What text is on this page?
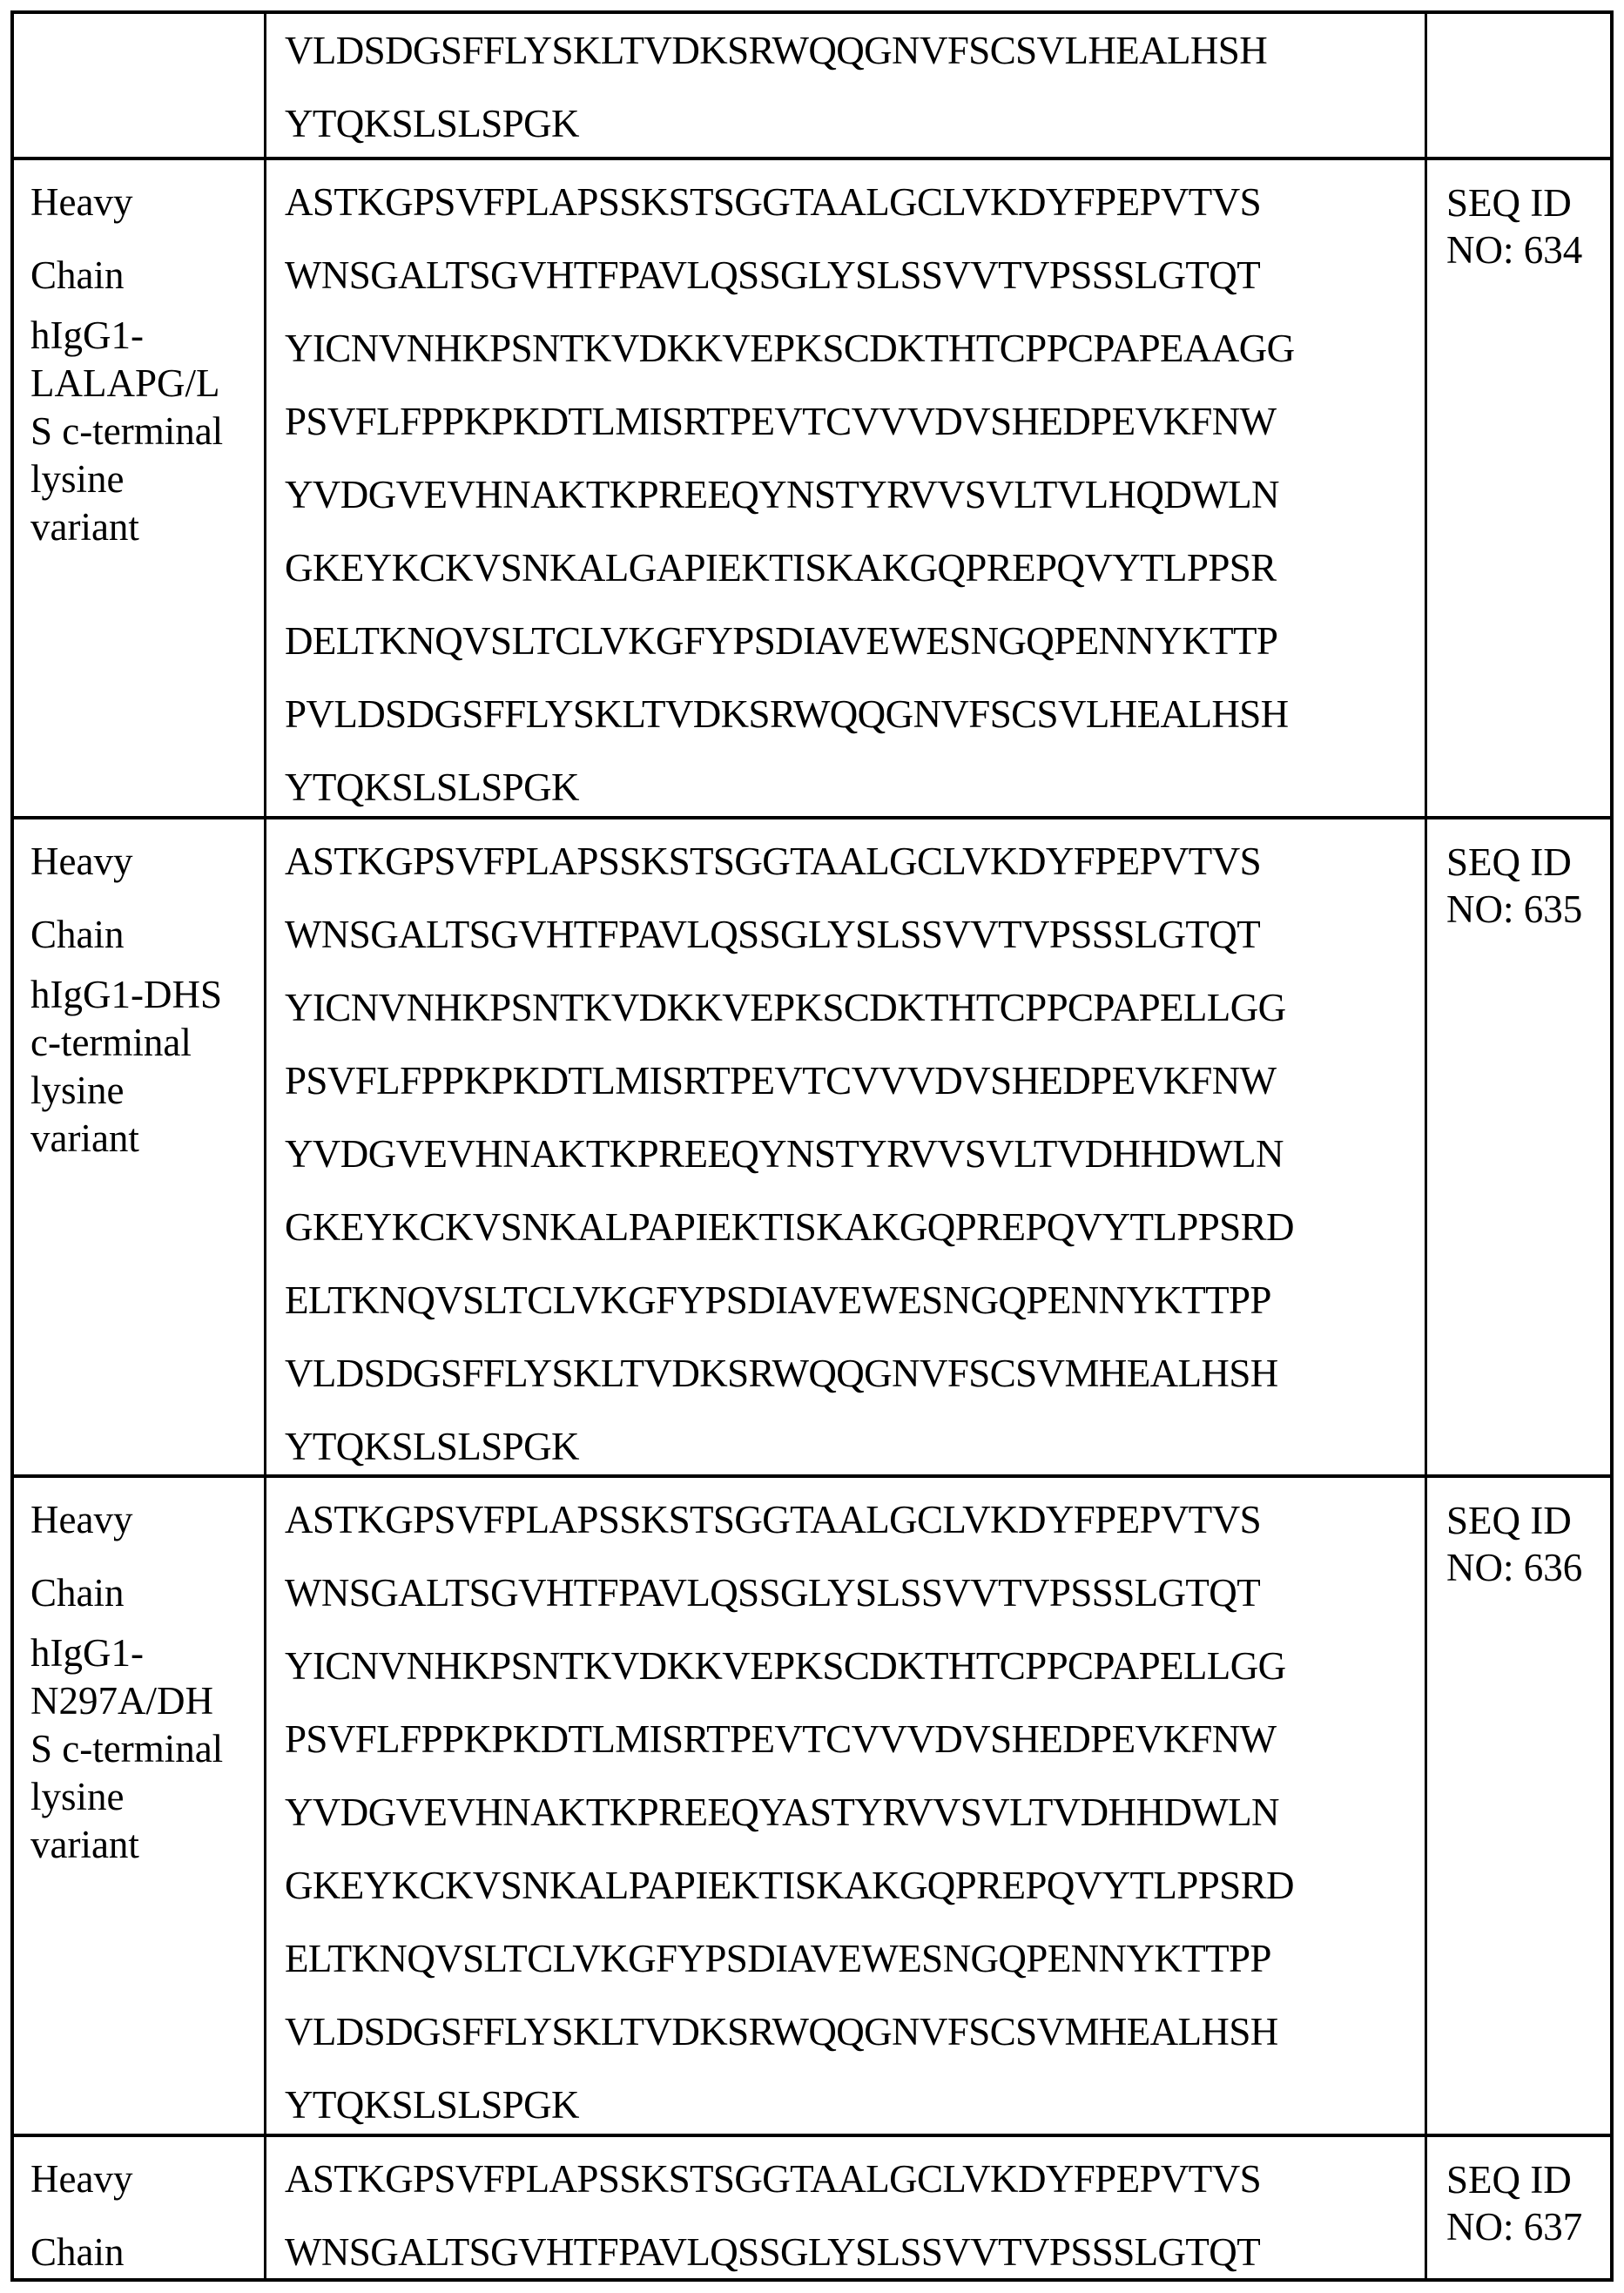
VLDSDGSFFLYSKLTVDKSRWQQGNVFSCSVLHEALHSH
YTQKSLSLSPGK
Heavy
Chain
hIgG1-
LALAPG/L
S c-terminal
lysine
variant
ASTKGPSVFPLAPSSKSTSGGTAALGCLVKDYFPEPVTVS
WNSGALTSGVHTFPAVLQSSGLYSLSSVVTVPSSSLGTQT
YICNVNHKPSNTKVDKKVEPKSCDKTHTCPPCPAPEAAGG
PSVFLFPPKPKDTLMISRTPEVTCVVVDVSHEDPEVKFNW
YVDGVEVHNAKTKPREEQYNSTYRVVSVLTVLHQDWLN
GKEYKCKVSNKALGAPIEKTISKAKGQPREPQVYTLPPSR
DELTKNQVSLTCLVKGFYPSDIAVEWESNGQPENNYKTTP
PVLDSDGSFFLYSKLTVDKSRWQQGNVFSCSVLHEALHSH
YTQKSLSLSPGK
SEQ ID
NO: 634
Heavy
Chain
hIgG1-DHS
c-terminal
lysine
variant
ASTKGPSVFPLAPSSKSTSGGTAALGCLVKDYFPEPVTVS
WNSGALTSGVHTFPAVLQSSGLYSLSSVVTVPSSSLGTQT
YICNVNHKPSNTKVDKKVEPKSCDKTHTCPPCPAPELLGG
PSVFLFPPKPKDTLMISRTPEVTCVVVDVSHEDPEVKFNW
YVDGVEVHNAKTKPREEQYNSTYRVVSVLTVDHHDWLN
GKEYKCKVSNKALPAPIEKTISKAKGQPREPQVYTLPPSRD
ELTKNQVSLTCLVKGFYPSDIAVEWESNGQPENNYKTTPP
VLDSDGSFFLYSKLTVDKSRWQQGNVFSCSVMHEALHSH
YTQKSLSLSPGK
SEQ ID
NO: 635
Heavy
Chain
hIgG1-
N297A/DH
S c-terminal
lysine
variant
ASTKGPSVFPLAPSSKSTSGGTAALGCLVKDYFPEPVTVS
WNSGALTSGVHTFPAVLQSSGLYSLSSVVTVPSSSLGTQT
YICNVNHKPSNTKVDKKVEPKSCDKTHTCPPCPAPELLGG
PSVFLFPPKPKDTLMISRTPEVTCVVVDVSHEDPEVKFNW
YVDGVEVHNAKTKPREEQYASTYRVVSVLTVDHHDWLN
GKEYKCKVSNKALPAPIEKTISKAKGQPREPQVYTLPPSRD
ELTKNQVSLTCLVKGFYPSDIAVEWESNGQPENNYKTTPP
VLDSDGSFFLYSKLTVDKSRWQQGNVFSCSVMHEALHSH
YTQKSLSLSPGK
SEQ ID
NO: 636
Heavy
Chain
ASTKGPSVFPLAPSSKSTSGGTAALGCLVKDYFPEPVTVS
WNSGALTSGVHTFPAVLQSSGLYSLSSVVTVPSSSLGTQT
SEQ ID
NO: 637
